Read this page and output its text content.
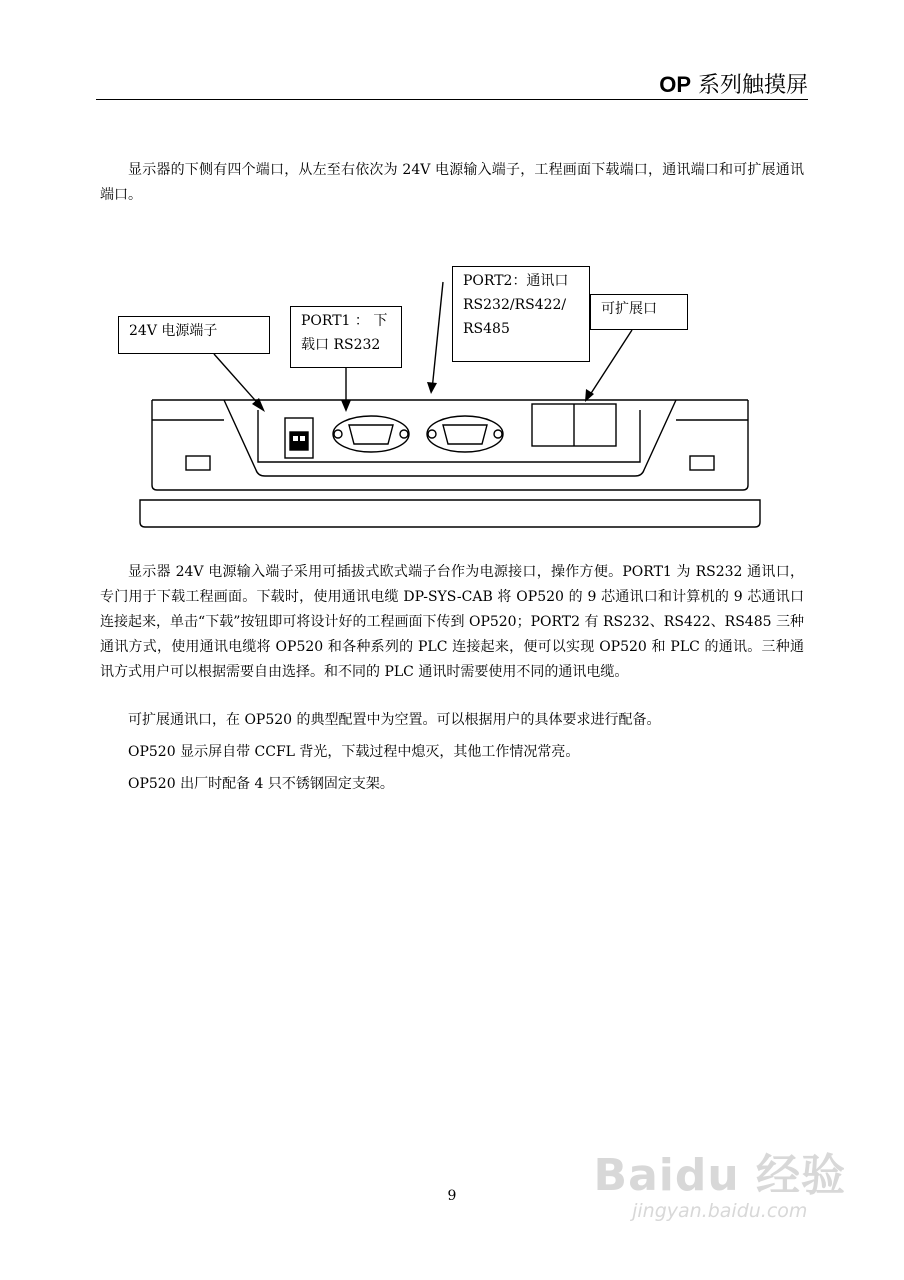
OP 系列触摸屏

显示器的下侧有四个端口，从左至右依次为 24V 电源输入端子，工程画面下载端口，通讯端口和可扩展通讯端口。

24V 电源端子
PORT1 ： 下
载口 RS232
PORT2：通讯口
RS232/RS422/
RS485
可扩展口

显示器 24V 电源输入端子采用可插拔式欧式端子台作为电源接口，操作方便。PORT1 为 RS232 通讯口，专门用于下载工程画面。下载时，使用通讯电缆 DP-SYS-CAB 将 OP520 的 9 芯通讯口和计算机的 9 芯通讯口连接起来，单击“下载”按钮即可将设计好的工程画面下传到 OP520；PORT2 有 RS232、RS422、RS485 三种通讯方式，使用通讯电缆将 OP520 和各种系列的 PLC 连接起来，便可以实现 OP520 和 PLC 的通讯。三种通讯方式用户可以根据需要自由选择。和不同的 PLC 通讯时需要使用不同的通讯电缆。

可扩展通讯口，在 OP520 的典型配置中为空置。可以根据用户的具体要求进行配备。

OP520 显示屏自带 CCFL 背光，下载过程中熄灭，其他工作情况常亮。

OP520 出厂时配备 4 只不锈钢固定支架。

9	Baidu 经验
jingyan.baidu.com
